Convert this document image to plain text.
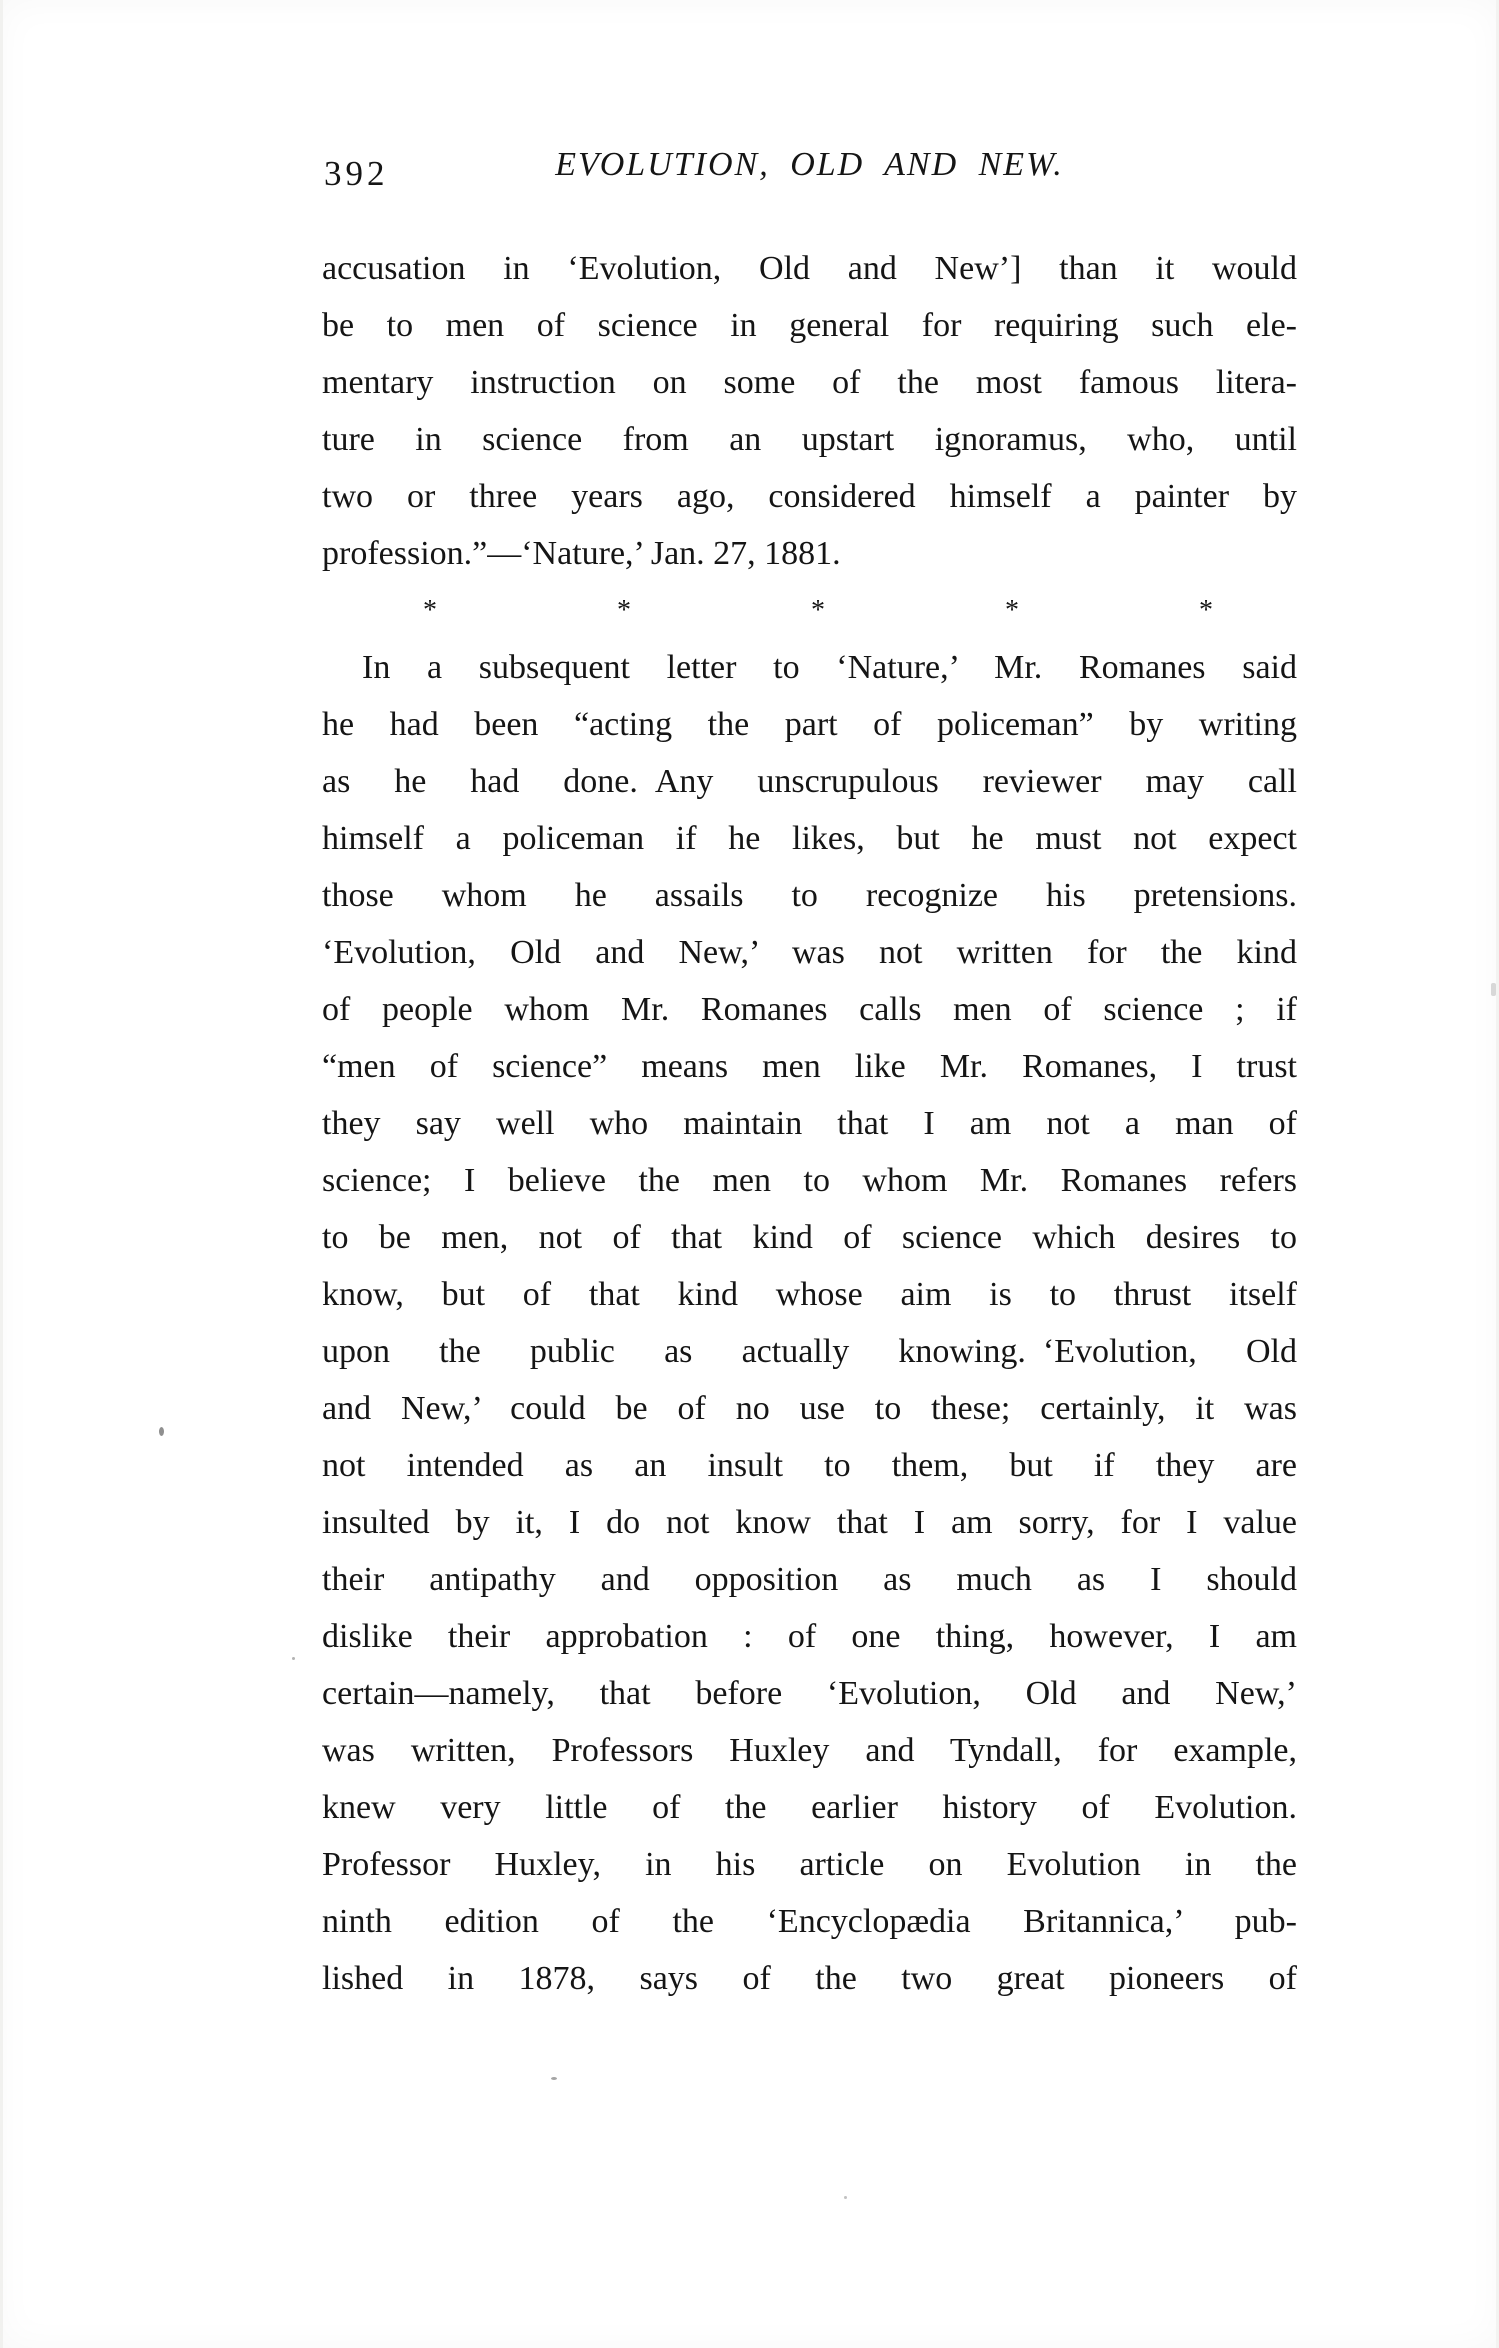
392	EVOLUTION, OLD AND NEW.
accusation in ‘Evolution, Old and New’] than it would
be to men of science in general for requiring such ele-
mentary instruction on some of the most famous litera-
ture in science from an upstart ignoramus, who, until
two or three years ago, considered himself a painter by
profession.”—‘Nature,’ Jan. 27, 1881.
*	*	*	*	*
In a subsequent letter to ‘Nature,’ Mr. Romanes said
he had been “acting the part of policeman” by writing
as he had done. Any unscrupulous reviewer may call
himself a policeman if he likes, but he must not expect
those whom he assails to recognize his pretensions.
‘Evolution, Old and New,’ was not written for the kind
of people whom Mr. Romanes calls men of science ; if
“men of science” means men like Mr. Romanes, I trust
they say well who maintain that I am not a man of
science; I believe the men to whom Mr. Romanes refers
to be men, not of that kind of science which desires to
know, but of that kind whose aim is to thrust itself
upon the public as actually knowing. ‘Evolution, Old
and New,’ could be of no use to these; certainly, it was
not intended as an insult to them, but if they are
insulted by it, I do not know that I am sorry, for I value
their antipathy and opposition as much as I should
dislike their approbation : of one thing, however, I am
certain—namely, that before ‘Evolution, Old and New,’
was written, Professors Huxley and Tyndall, for example,
knew very little of the earlier history of Evolution.
Professor Huxley, in his article on Evolution in the
ninth edition of the ‘Encyclopædia Britannica,’ pub-
lished in 1878, says of the two great pioneers of
